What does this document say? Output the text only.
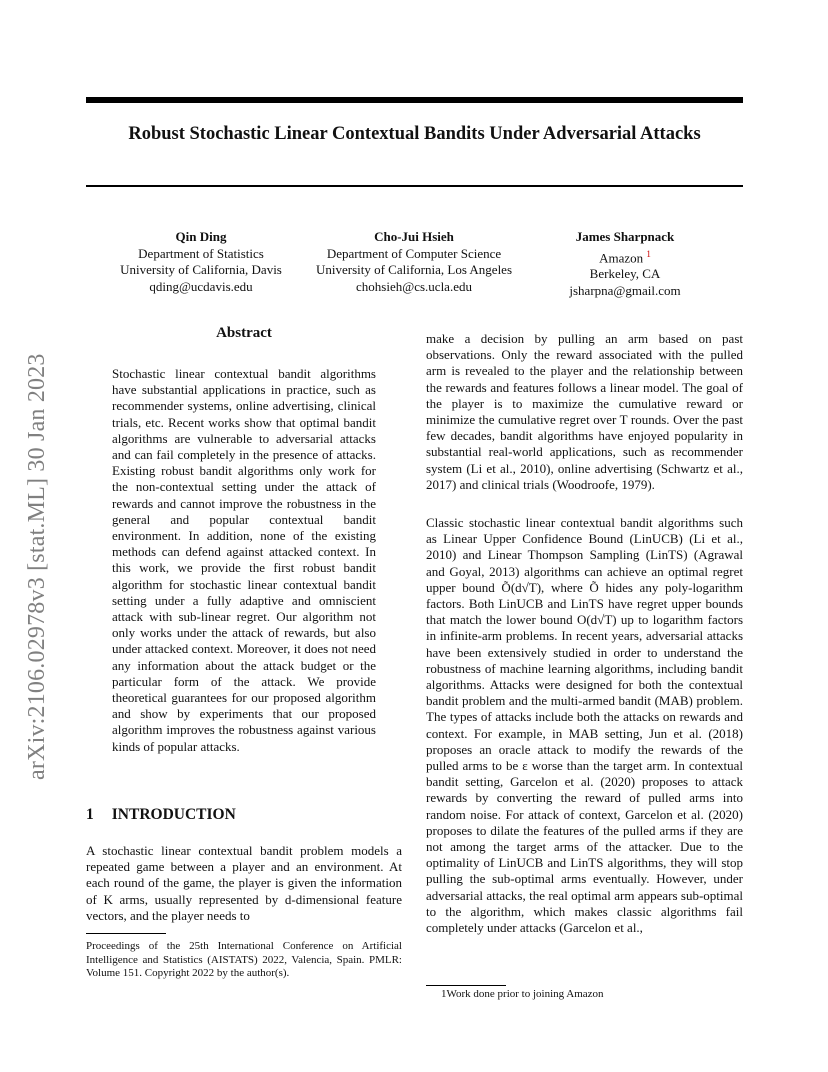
Robust Stochastic Linear Contextual Bandits Under Adversarial Attacks
arXiv:2106.02978v3 [stat.ML] 30 Jan 2023
Qin Ding
Department of Statistics
University of California, Davis
qding@ucdavis.edu
Cho-Jui Hsieh
Department of Computer Science
University of California, Los Angeles
chohsieh@cs.ucla.edu
James Sharpnack
Amazon $^1$
Berkeley, CA
jsharpna@gmail.com
Abstract
Stochastic linear contextual bandit algorithms have substantial applications in practice, such as recommender systems, online advertising, clinical trials, etc. Recent works show that optimal bandit algorithms are vulnerable to adversarial attacks and can fail completely in the presence of attacks. Existing robust bandit algorithms only work for the non-contextual setting under the attack of rewards and cannot improve the robustness in the general and popular contextual bandit environment. In addition, none of the existing methods can defend against attacked context. In this work, we provide the first robust bandit algorithm for stochastic linear contextual bandit setting under a fully adaptive and omniscient attack with sub-linear regret. Our algorithm not only works under the attack of rewards, but also under attacked context. Moreover, it does not need any information about the attack budget or the particular form of the attack. We provide theoretical guarantees for our proposed algorithm and show by experiments that our proposed algorithm improves the robustness against various kinds of popular attacks.
1 INTRODUCTION
A stochastic linear contextual bandit problem models a repeated game between a player and an environment. At each round of the game, the player is given the information of K arms, usually represented by d-dimensional feature vectors, and the player needs to
make a decision by pulling an arm based on past observations. Only the reward associated with the pulled arm is revealed to the player and the relationship between the rewards and features follows a linear model. The goal of the player is to maximize the cumulative reward or minimize the cumulative regret over T rounds. Over the past few decades, bandit algorithms have enjoyed popularity in substantial real-world applications, such as recommender system (Li et al., 2010), online advertising (Schwartz et al., 2017) and clinical trials (Woodroofe, 1979).
Classic stochastic linear contextual bandit algorithms such as Linear Upper Confidence Bound (LinUCB) (Li et al., 2010) and Linear Thompson Sampling (LinTS) (Agrawal and Goyal, 2013) algorithms can achieve an optimal regret upper bound Õ(d√T), where Õ hides any poly-logarithm factors. Both LinUCB and LinTS have regret upper bounds that match the lower bound O(d√T) up to logarithm factors in infinite-arm problems. In recent years, adversarial attacks have been extensively studied in order to understand the robustness of machine learning algorithms, including bandit algorithms. Attacks were designed for both the contextual bandit problem and the multi-armed bandit (MAB) problem. The types of attacks include both the attacks on rewards and context. For example, in MAB setting, Jun et al. (2018) proposes an oracle attack to modify the rewards of the pulled arms to be ε worse than the target arm. In contextual bandit setting, Garcelon et al. (2020) proposes to attack rewards by converting the reward of pulled arms into random noise. For attack of context, Garcelon et al. (2020) proposes to dilate the features of the pulled arms if they are not among the target arms of the attacker. Due to the optimality of LinUCB and LinTS algorithms, they will stop pulling the sub-optimal arms eventually. However, under adversarial attacks, the real optimal arm appears sub-optimal to the algorithm, which makes classic algorithms fail completely under attacks (Garcelon et al.,
Proceedings of the 25th International Conference on Artificial Intelligence and Statistics (AISTATS) 2022, Valencia, Spain. PMLR: Volume 151. Copyright 2022 by the author(s).
1Work done prior to joining Amazon
